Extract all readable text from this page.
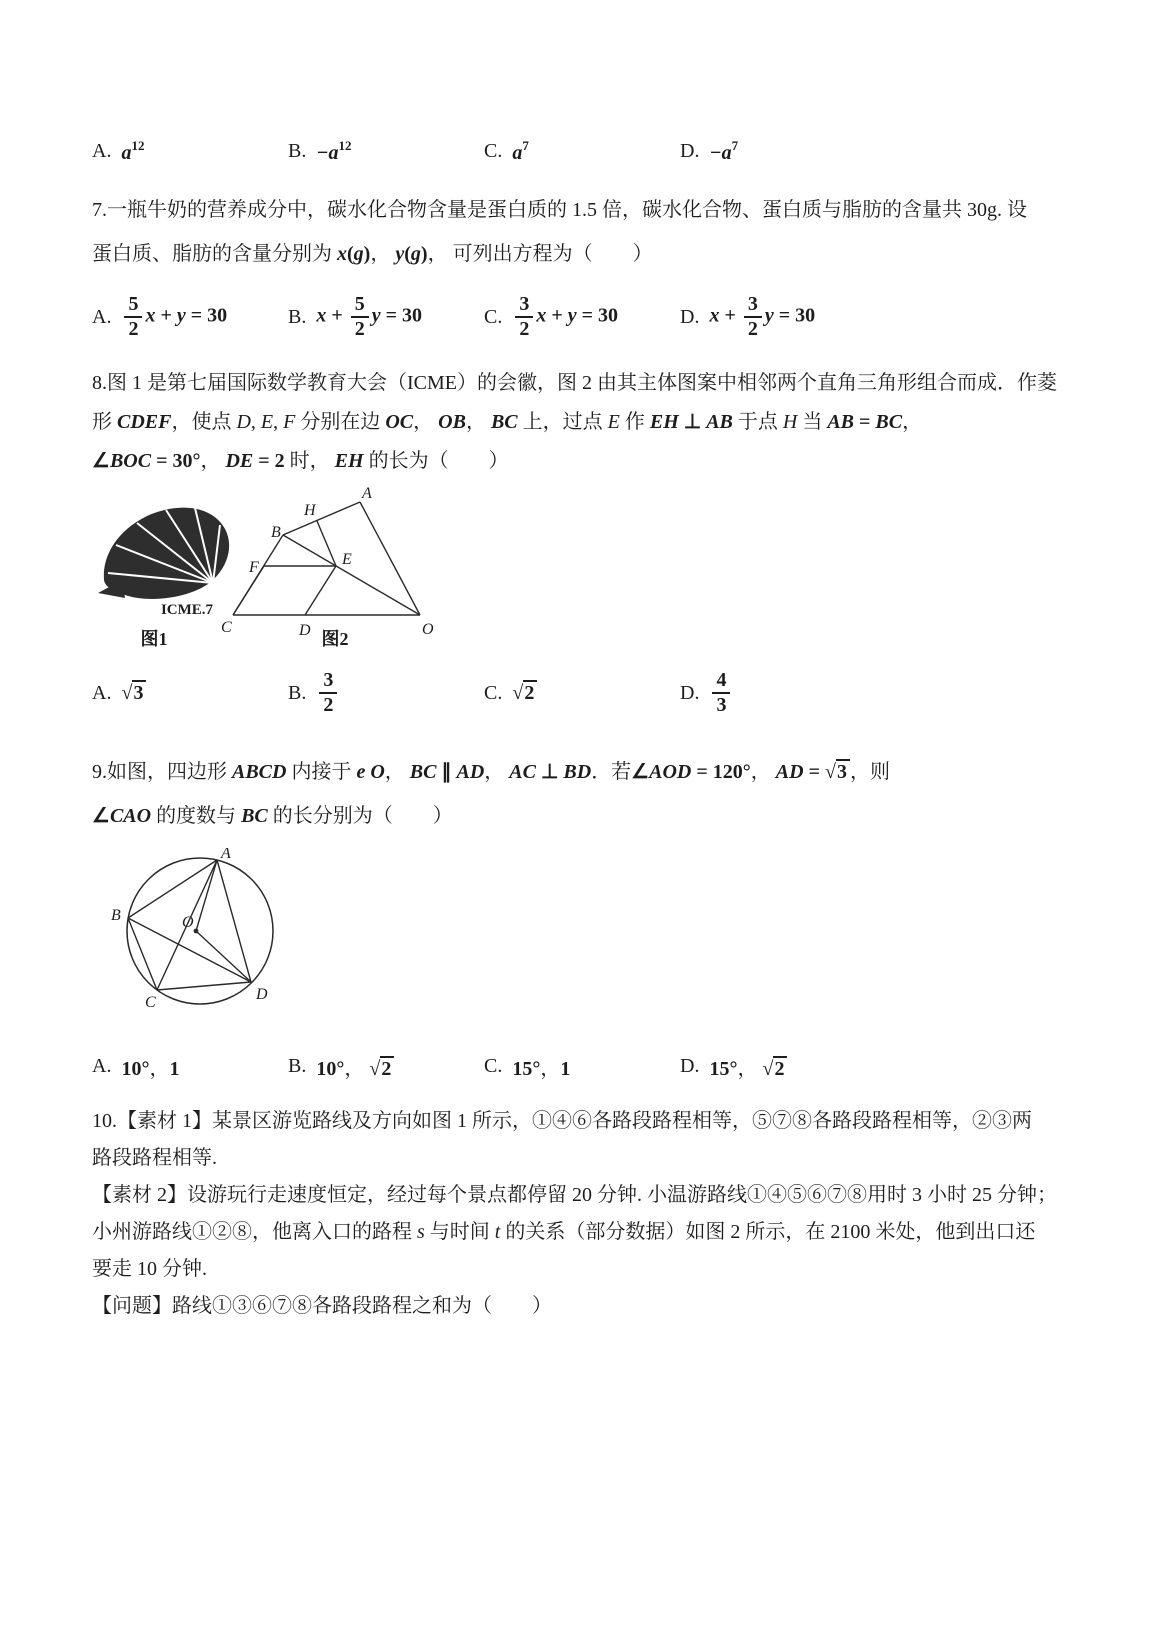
A. $a^{12}$	B. $-a^{12}$	C. $a^7$	D. $-a^7$

7.一瓶牛奶的营养成分中，碳水化合物含量是蛋白质的 1.5 倍，碳水化合物、蛋白质与脂肪的含量共 30g. 设

蛋白质、脂肪的含量分别为 x(g)， y(g)， 可列出方程为（　　）

A. $\frac{5}{2}$ x + y = 30	B. $x + \frac{5}{2}$ y = 30	C. $\frac{3}{2}$ x + y = 30	D. $x + \frac{3}{2}$ y = 30

8.图 1 是第七届国际数学教育大会（ICME）的会徽，图 2 由其主体图案中相邻两个直角三角形组合而成．作菱

形 CDEF，使点 D, E, F 分别在边 OC， OB， BC 上，过点 E 作 EH ⊥ AB 于点 H 当 AB = BC，

∠BOC = 30°， DE = 2 时， EH 的长为（　　）

ICME.7
A
H
B
F	E
C	D	O
图1	图2
A. √3	B. $\frac{3}{2}$	C. √2	D. $\frac{4}{3}$

9.如图，四边形 ABCD 内接于 e O， BC ∥ AD， AC ⊥ BD．若∠AOD = 120°， AD = √3 ，则

∠CAO 的度数与 BC 的长分别为（　　）

A
B
C	D
O
A. 10°，1	B. 10°， √2	C. 15°，1	D. 15°， √2

10.【素材 1】某景区游览路线及方向如图 1 所示，①④⑥各路段路程相等，⑤⑦⑧各路段路程相等，②③两

路段路程相等.

【素材 2】设游玩行走速度恒定，经过每个景点都停留 20 分钟. 小温游路线①④⑤⑥⑦⑧用时 3 小时 25 分钟；

小州游路线①②⑧，他离入口的路程 s 与时间 t 的关系（部分数据）如图 2 所示，在 2100 米处，他到出口还

要走 10 分钟.

【问题】路线①③⑥⑦⑧各路段路程之和为（　　）
